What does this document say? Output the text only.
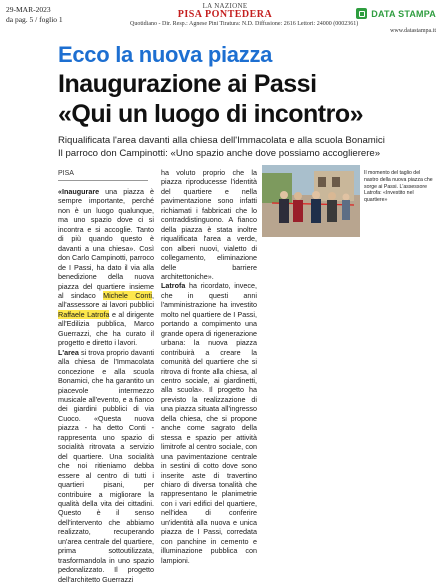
29-MAR-2023
da pag. 5 / foglio 1
LA NAZIONE
PISA PONTEDERA
Quotidiano - Dir. Resp.: Agnese Pini Tiratura: N.D. Diffusione: 2616 Lettori: 24000 (0002361)
DATA STAMPA
www.datastampa.it
Ecco la nuova piazza
Inaugurazione ai Passi
«Qui un luogo di incontro»
Riqualificata l'area davanti alla chiesa dell'Immacolata e alla scuola Bonamici
Il parroco don Campinotti: «Uno spazio anche dove possiamo accoglierere»
PISA

«Inaugurare una piazza è sempre importante, perché non è un luogo qualunque, ma uno spazio dove ci si incontra e si accoglie. Tanto di più quando questo è davanti a una chiesa». Così don Carlo Campinotti, parroco de I Passi, ha dato il via alla benedizione della nuova piazza del quartiere insieme al sindaco Michele Conti, all'assessore ai lavori pubblici Raffaele Latrofa e al dirigente all'Edilizia pubblica, Marco Guerrazzi, che ha curato il progetto e diretto i lavori.

L'area si trova proprio davanti alla chiesa de l'Immacolata concezione e alla scuola Bonamici, che ha garantito un piacevole intermezzo musicale all'evento, e a fianco dei giardini pubblici di via Cuoco. «Questa nuova piazza - ha detto Conti - rappresenta uno spazio di socialità ritrovata a servizio del quartiere. Una socialità che noi ritieniamo debba essere al centro di tutti i quartieri pisani, per contribuire a migliorare la qualità della vita dei cittadini. Questo è il senso dell'intervento che abbiamo realizzato, recuperando un'area centrale del quartiere, prima sottoutilizzata, trasformandola in uno spazio pedonalizzato. Il progetto dell'architetto Guerrazzi

ha voluto proprio che la piazza riproducesse l'identità del quartiere e nella pavimentazione sono infatti richiamati i fabbricati che lo contraddistinguono. A fianco della piazza è stata inoltre riqualificata l'area a verde, con alberi nuovi, vialetto di collegamento, eliminazione delle barriere architettoniche».

Latrofa ha ricordato, invece, che in questi anni l'amministrazione ha investito molto nel quartiere de I Passi, portando a compimento una grande opera di rigenerazione urbana: la nuova piazza contribuirà a creare la comunità del quartiere che si ritrova di fronte alla chiesa, al centro sociale, ai giardinetti, alla scuola». Il progetto ha previsto la realizzazione di una piazza situata all'ingresso della chiesa, che si propone anche come sagrato della stessa e spazio per attività limitrofe al centro sociale, con una pavimentazione centrale in sestini di cotto dove sono inserite aste di travertino chiaro di diversa tonalità che rappresentano le planimetrie con i vari edifici del quartiere, nell'idea di conferire un'identità alla nuova e unica piazza de I Passi, corredata con panchine in cemento e illuminazione pubblica con lampioni.

Il momento del taglio del nastro della nuova piazza che sorge ai Passi. L'assessore Latrofa: «Investito nel quartiere»
